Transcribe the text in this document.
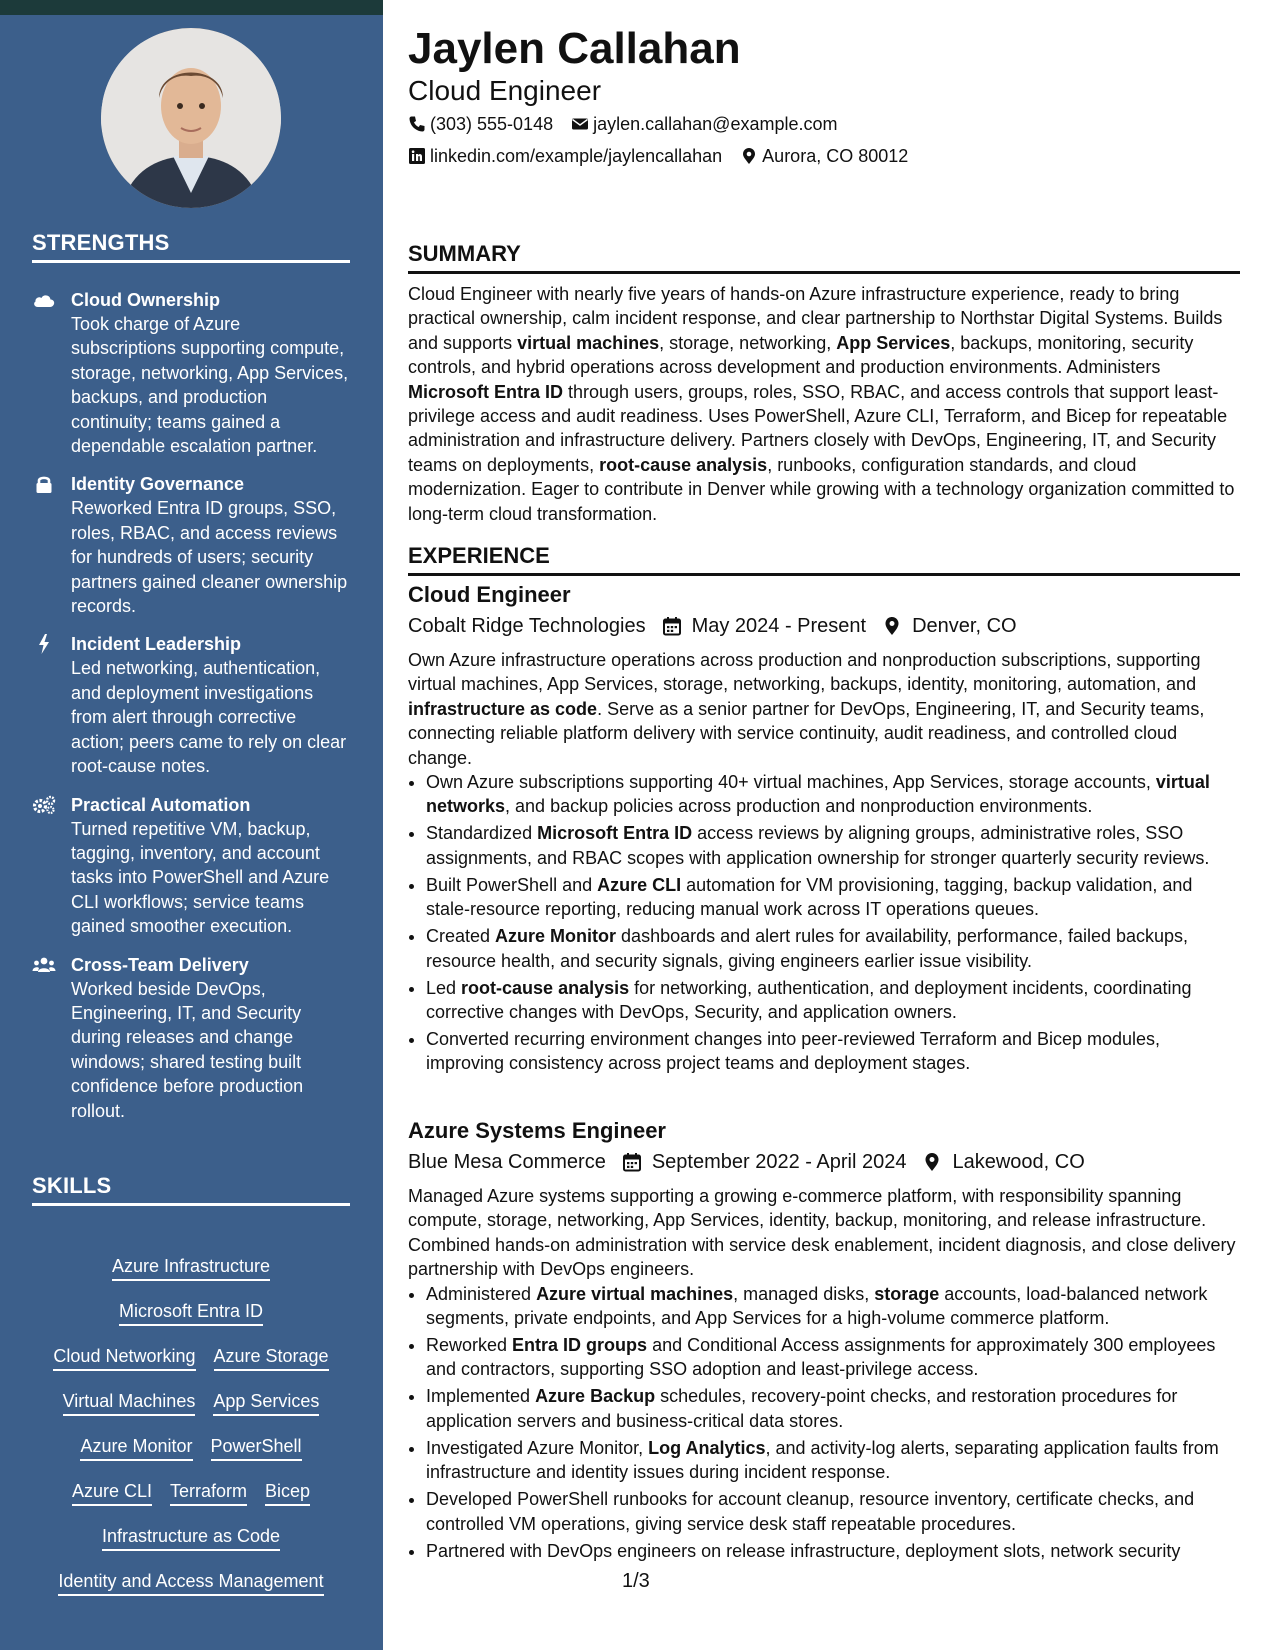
STRENGTHS
Cloud Ownership
Took charge of Azure subscriptions supporting compute, storage, networking, App Services, backups, and production continuity; teams gained a dependable escalation partner.
Identity Governance
Reworked Entra ID groups, SSO, roles, RBAC, and access reviews for hundreds of users; security partners gained cleaner ownership records.
Incident Leadership
Led networking, authentication, and deployment investigations from alert through corrective action; peers came to rely on clear root-cause notes.
Practical Automation
Turned repetitive VM, backup, tagging, inventory, and account tasks into PowerShell and Azure CLI workflows; service teams gained smoother execution.
Cross-Team Delivery
Worked beside DevOps, Engineering, IT, and Security during releases and change windows; shared testing built confidence before production rollout.
SKILLS
Azure Infrastructure
Microsoft Entra ID
Cloud Networking Azure Storage
Virtual Machines App Services
Azure Monitor PowerShell
Azure CLI Terraform Bicep
Infrastructure as Code
Identity and Access Management
Jaylen Callahan
Cloud Engineer
(303) 555-0148 jaylen.callahan@example.com
linkedin.com/example/jaylencallahan Aurora, CO 80012
SUMMARY
Cloud Engineer with nearly five years of hands-on Azure infrastructure experience, ready to bring practical ownership, calm incident response, and clear partnership to Northstar Digital Systems. Builds and supports virtual machines, storage, networking, App Services, backups, monitoring, security controls, and hybrid operations across development and production environments. Administers Microsoft Entra ID through users, groups, roles, SSO, RBAC, and access controls that support least-privilege access and audit readiness. Uses PowerShell, Azure CLI, Terraform, and Bicep for repeatable administration and infrastructure delivery. Partners closely with DevOps, Engineering, IT, and Security teams on deployments, root-cause analysis, runbooks, configuration standards, and cloud modernization. Eager to contribute in Denver while growing with a technology organization committed to long-term cloud transformation.
EXPERIENCE
Cloud Engineer
Cobalt Ridge Technologies May 2024 - Present Denver, CO
Own Azure infrastructure operations across production and nonproduction subscriptions, supporting virtual machines, App Services, storage, networking, backups, identity, monitoring, automation, and infrastructure as code. Serve as a senior partner for DevOps, Engineering, IT, and Security teams, connecting reliable platform delivery with service continuity, audit readiness, and controlled cloud change.
• Own Azure subscriptions supporting 40+ virtual machines, App Services, storage accounts, virtual networks, and backup policies across production and nonproduction environments.
• Standardized Microsoft Entra ID access reviews by aligning groups, administrative roles, SSO assignments, and RBAC scopes with application ownership for stronger quarterly security reviews.
• Built PowerShell and Azure CLI automation for VM provisioning, tagging, backup validation, and stale-resource reporting, reducing manual work across IT operations queues.
• Created Azure Monitor dashboards and alert rules for availability, performance, failed backups, resource health, and security signals, giving engineers earlier issue visibility.
• Led root-cause analysis for networking, authentication, and deployment incidents, coordinating corrective changes with DevOps, Security, and application owners.
• Converted recurring environment changes into peer-reviewed Terraform and Bicep modules, improving consistency across project teams and deployment stages.
Azure Systems Engineer
Blue Mesa Commerce September 2022 - April 2024 Lakewood, CO
Managed Azure systems supporting a growing e-commerce platform, with responsibility spanning compute, storage, networking, App Services, identity, backup, monitoring, and release infrastructure. Combined hands-on administration with service desk enablement, incident diagnosis, and close delivery partnership with DevOps engineers.
• Administered Azure virtual machines, managed disks, storage accounts, load-balanced network segments, private endpoints, and App Services for a high-volume commerce platform.
• Reworked Entra ID groups and Conditional Access assignments for approximately 300 employees and contractors, supporting SSO adoption and least-privilege access.
• Implemented Azure Backup schedules, recovery-point checks, and restoration procedures for application servers and business-critical data stores.
• Investigated Azure Monitor, Log Analytics, and activity-log alerts, separating application faults from infrastructure and identity issues during incident response.
• Developed PowerShell runbooks for account cleanup, resource inventory, certificate checks, and controlled VM operations, giving service desk staff repeatable procedures.
• Partnered with DevOps engineers on release infrastructure, deployment slots, network security
1/3
